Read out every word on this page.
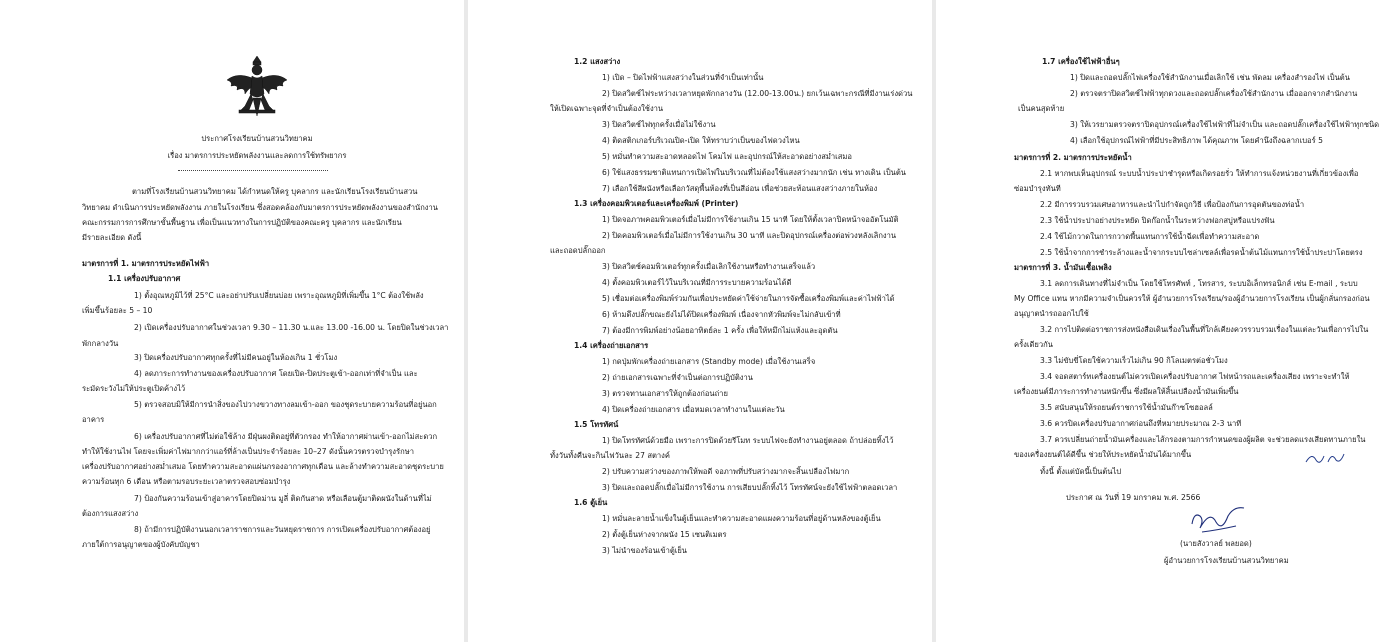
ประกาศโรงเรียนบ้านสวนวิทยาคม

เรื่อง มาตรการประหยัดพลังงานและลดการใช้ทรัพยากร

ตามที่โรงเรียนบ้านสวนวิทยาคม ได้กำหนดให้ครู บุคลากร และนักเรียนโรงเรียนบ้านสวน

วิทยาคม ดำเนินการประหยัดพลังงาน ภายในโรงเรียน ซึ่งสอดคล้องกับมาตรการประหยัดพลังงานของสำนักงาน

คณะกรรมการการศึกษาขั้นพื้นฐาน เพื่อเป็นแนวทางในการปฏิบัติของคณะครู บุคลากร และนักเรียน

มีรายละเอียด ดังนี้

มาตรการที่ 1. มาตรการประหยัดไฟฟ้า

1.1 เครื่องปรับอากาศ

1) ตั้งอุณหภูมิไว้ที่ 25°C และอย่าปรับเปลี่ยนบ่อย เพราะอุณหภูมิที่เพิ่มขึ้น 1°C ต้องใช้พลัง

เพิ่มขึ้นร้อยละ 5 – 10

2) เปิดเครื่องปรับอากาศในช่วงเวลา 9.30 – 11.30 น.และ 13.00 -16.00 น. โดยปิดในช่วงเวลา

พักกลางวัน

3) ปิดเครื่องปรับอากาศทุกครั้งที่ไม่มีคนอยู่ในห้องเกิน 1 ชั่วโมง

4) ลดภาระการทำงานของเครื่องปรับอากาศ โดยเปิด-ปิดประตูเข้า-ออกเท่าที่จำเป็น และ

ระมัดระวังไม่ให้ประตูเปิดค้างไว้

5) ตรวจสอบมิให้มีการนำสิ่งของไปวางขวางทางลมเข้า-ออก ของชุดระบายความร้อนที่อยู่นอก

อาคาร

6) เครื่องปรับอากาศที่ไม่ต่อใช้ล้าง มีฝุ่นผงติดอยู่ที่ตัวกรอง ทำให้อากาศผ่านเข้า-ออกไม่สะดวก

ทำให้ใช้งานไฟ โดยจะเพิ่มค่าไฟมากกว่าแอร์ที่ล้างเป็นประจำร้อยละ 10–27 ดังนั้นควรตรวจบำรุงรักษา

เครื่องปรับอากาศอย่างสม่ำเสมอ โดยทำความสะอาดแผ่นกรองอากาศทุกเดือน และล้างทำความสะอาดชุดระบาย

ความร้อนทุก 6 เดือน หรือตามรอบระยะเวลาตรวจสอบซ่อมบำรุง

7) ป้องกันความร้อนเข้าสู่อาคารโดยปิดม่าน มูลี่ ติดกันสาด หรือเลือนตู้มาติดผนังในด้านที่ไม่

ต้องการแสงสว่าง

8) ถ้ามีการปฏิบัติงานนอกเวลาราชการและวันหยุดราชการ การเปิดเครื่องปรับอากาศต้องอยู่

ภายใต้การอนุญาตของผู้บังคับบัญชา

1.2 แสงสว่าง

1) เปิด – ปิดไฟฟ้าแสงสว่างในส่วนที่จำเป็นเท่านั้น

2) ปิดสวิตช์ไฟระหว่างเวลาหยุดพักกลางวัน (12.00-13.00น.) ยกเว้นเฉพาะกรณีที่มีงานเร่งด่วน

ให้เปิดเฉพาะจุดที่จำเป็นต้องใช้งาน

3) ปิดสวิตช์ไฟทุกครั้งเมื่อไม่ใช้งาน

4) ติดสติกเกอร์บริเวณปิด-เปิด ให้ทราบว่าเป็นของไฟดวงไหน

5) หมั่นทำความสะอาดหลอดไฟ โคมไฟ และอุปกรณ์ให้สะอาดอย่างสม่ำเสมอ

6) ใช้แสงธรรมชาติแทนการเปิดไฟในบริเวณที่ไม่ต้องใช้แสงสว่างมากนัก เช่น ทางเดิน เป็นต้น

7) เลือกใช้สีผนังหรือเลือกวัสดุพื้นห้องที่เป็นสีอ่อน เพื่อช่วยสะท้อนแสงสว่างภายในห้อง

1.3 เครื่องคอมพิวเตอร์และเครื่องพิมพ์ (Printer)

1) ปิดจอภาพคอมพิวเตอร์เมื่อไม่มีการใช้งานเกิน 15 นาที โดยให้ตั้งเวลาปิดหน้าจออัตโนมัติ

2) ปิดคอมพิวเตอร์เมื่อไม่มีการใช้งานเกิน 30 นาที และปิดอุปกรณ์เครื่องต่อพ่วงหลังเลิกงาน

และถอดปลั๊กออก

3) ปิดสวิตช์คอมพิวเตอร์ทุกครั้งเมื่อเลิกใช้งานหรือทำงานเสร็จแล้ว

4) ตั้งคอมพิวเตอร์ไว้ในบริเวณที่มีการระบายความร้อนได้ดี

5) เชื่อมต่อเครื่องพิมพ์ร่วมกันเพื่อประหยัดค่าใช้จ่ายในการจัดซื้อเครื่องพิมพ์และค่าไฟฟ้าได้

6) ห้ามดึงปลั๊กขณะยังไม่ได้ปิดเครื่องพิมพ์ เนื่องจากหัวพิมพ์จะไม่กลับเข้าที่

7) ต้องมีการพิมพ์อย่างน้อยอาทิตย์ละ 1 ครั้ง เพื่อให้หมึกไม่แห้งและอุดตัน

1.4 เครื่องถ่ายเอกสาร

1) กดปุ่มพักเครื่องถ่ายเอกสาร (Standby mode) เมื่อใช้งานเสร็จ

2) ถ่ายเอกสารเฉพาะที่จำเป็นต่อการปฏิบัติงาน

3) ตรวจทานเอกสารให้ถูกต้องก่อนถ่าย

4) ปิดเครื่องถ่ายเอกสาร เมื่อหมดเวลาทำงานในแต่ละวัน

1.5 โทรทัศน์

1) ปิดโทรทัศน์ด้วยมือ เพราะการปิดด้วยรีโมท ระบบไฟจะยังทำงานอยู่ตลอด ถ้าปล่อยทิ้งไว้

ทั้งวันทั้งคืนจะกินไฟวันละ 27 สตางค์

2) ปรับความสว่างของภาพให้พอดี จอภาพที่ปรับสว่างมากจะสิ้นเปลืองไฟมาก

3) ปิดและถอดปลั๊กเมื่อไม่มีการใช้งาน การเสียบปลั๊กทิ้งไว้ โทรทัศน์จะยังใช้ไฟฟ้าตลอดเวลา

1.6 ตู้เย็น

1) หมั่นละลายน้ำแข็งในตู้เย็นและทำความสะอาดแผงความร้อนที่อยู่ด้านหลังของตู้เย็น

2) ตั้งตู้เย็นห่างจากผนัง 15 เซนติเมตร

3) ไม่นำของร้อนเข้าตู้เย็น

1.7 เครื่องใช้ไฟฟ้าอื่นๆ

1) ปิดและถอดปลั๊กไฟเครื่องใช้สำนักงานเมื่อเลิกใช้ เช่น พัดลม เครื่องสำรองไฟ เป็นต้น

2) ตรวจตราปิดสวิตช์ไฟฟ้าทุกดวงและถอดปลั๊กเครื่องใช้สำนักงาน เมื่อออกจากสำนักงาน

เป็นคนสุดท้าย

3) ให้เวรยามตรวจตราปิดอุปกรณ์เครื่องใช้ไฟฟ้าที่ไม่จำเป็น และถอดปลั๊กเครื่องใช้ไฟฟ้าทุกชนิด

4) เลือกใช้อุปกรณ์ไฟฟ้าที่มีประสิทธิภาพ ได้คุณภาพ โดยคำนึงถึงฉลากเบอร์ 5

มาตรการที่ 2. มาตรการประหยัดน้ำ

2.1 หากพบเห็นอุปกรณ์ ระบบน้ำประปาชำรุดหรือเกิดรอยรั่ว ให้ทำการแจ้งหน่วยงานที่เกี่ยวข้องเพื่อ

ซ่อมบำรุงทันที

2.2 มีการรวบรวมเศษอาหารและนำไปกำจัดถูกวิธี เพื่อป้องกันการอุดตันของท่อน้ำ

2.3 ใช้น้ำประปาอย่างประหยัด ปิดก๊อกน้ำในระหว่างฟอกสบู่หรือแปรงฟัน

2.4 ใช้ไม้กวาดในการกวาดพื้นแทนการใช้น้ำฉีดเพื่อทำความสะอาด

2.5 ใช้น้ำจากการชำระล้างและน้ำจากระบบไซล่าเซลล์เพื่อรดน้ำต้นไม้แทนการใช้น้ำประปาโดยตรง

มาตรการที่ 3. น้ำมันเชื้อเพลิง

3.1 ลดการเดินทางที่ไม่จำเป็น โดยใช้โทรศัพท์ , โทรสาร, ระบบอิเล็กทรอนิกส์ เช่น E-mail , ระบบ

My Office แทน หากมีความจำเป็นควรให้ ผู้อำนวยการโรงเรียน/รองผู้อำนวยการโรงเรียน เป็นผู้กลั่นกรองก่อน

อนุญาตนำรถออกไปใช้

3.2 การไปติดต่อราชการส่งหนังสือเดินเรื่องในพื้นที่ใกล้เคียงควรรวบรวมเรื่องในแต่ละวันเพื่อการไปใน

ครั้งเดียวกัน

3.3 ไม่ขับขี่โดยใช้ความเร็วไม่เกิน 90 กิโลเมตรต่อชั่วโมง

3.4 จอดสตาร์ทเครื่องยนต์ไม่ควรเปิดเครื่องปรับอากาศ ไฟหน้ารถและเครื่องเสียง เพราะจะทำให้

เครื่องยนต์มีภาระการทำงานหนักขึ้น ซึ่งมีผลให้สิ้นเปลืองน้ำมันเพิ่มขึ้น

3.5 สนับสนุนให้รถยนต์ราชการใช้น้ำมันก๊าซโซฮอลล์

3.6 ควรปิดเครื่องปรับอากาศก่อนถึงที่หมายประมาณ 2-3 นาที

3.7 ควรเปลี่ยนถ่ายน้ำมันเครื่องและไส้กรองตามการกำหนดของผู้ผลิต จะช่วยลดแรงเสียดทานภายใน

ของเครื่องยนต์ได้ดีขึ้น ช่วยให้ประหยัดน้ำมันได้มากขึ้น

ทั้งนี้ ตั้งแต่บัดนี้เป็นต้นไป

ประกาศ ณ วันที่ 19 มกราคม พ.ศ. 2566

(นายสังวาลย์ พลยอด)

ผู้อำนวยการโรงเรียนบ้านสวนวิทยาคม
